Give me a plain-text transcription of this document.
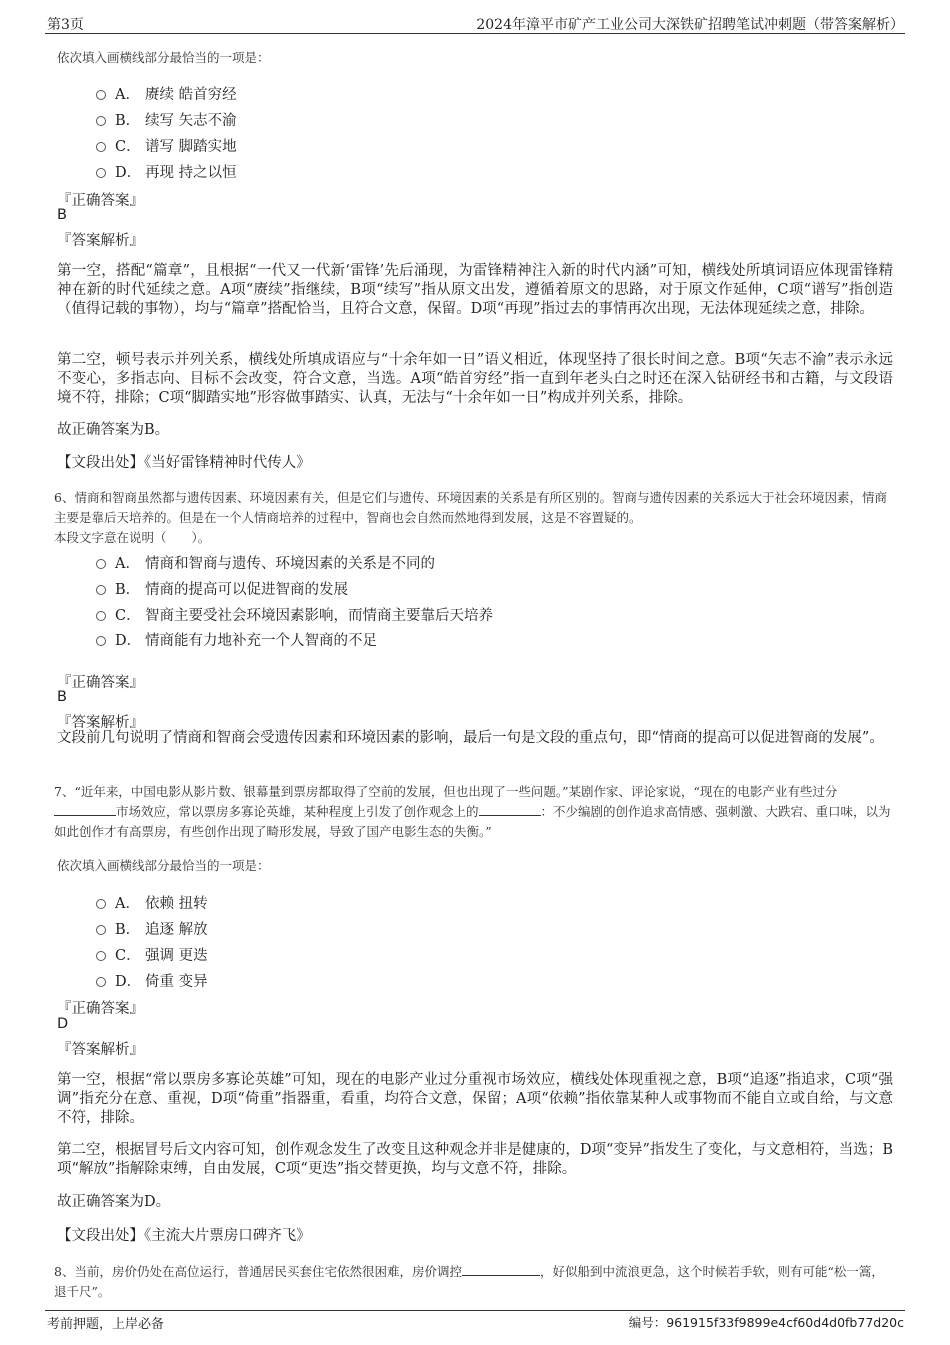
第3页	2024年漳平市矿产工业公司大深铁矿招聘笔试冲刺题（带答案解析）
依次填入画横线部分最恰当的一项是：
A． 赓续 皓首穷经
B． 续写 矢志不渝
C． 谱写 脚踏实地
D． 再现 持之以恒
『正确答案』
B
『答案解析』
第一空，搭配“篇章”，且根据“一代又一代新‘雷锋’先后涌现，为雷锋精神注入新的时代内涵”可知，横线处所填词语应体现雷锋精神在新的时代延续之意。A项“赓续”指继续，B项“续写”指从原文出发，遵循着原文的思路，对于原文作延伸，C项“谱写”指创造（值得记载的事物），均与“篇章”搭配恰当，且符合文意，保留。D项“再现”指过去的事情再次出现，无法体现延续之意，排除。
第二空，顿号表示并列关系，横线处所填成语应与“十余年如一日”语义相近，体现坚持了很长时间之意。B项“矢志不渝”表示永远不变心，多指志向、目标不会改变，符合文意，当选。A项“皓首穷经”指一直到年老头白之时还在深入钻研经书和古籍，与文段语境不符，排除；C项“脚踏实地”形容做事踏实、认真，无法与“十余年如一日”构成并列关系，排除。
故正确答案为B。
【文段出处】《当好雷锋精神时代传人》
6、情商和智商虽然都与遗传因素、环境因素有关，但是它们与遗传、环境因素的关系是有所区别的。智商与遗传因素的关系远大于社会环境因素，情商主要是靠后天培养的。但是在一个人情商培养的过程中，智商也会自然而然地得到发展，这是不容置疑的。
本段文字意在说明（　　）。
A． 情商和智商与遗传、环境因素的关系是不同的
B． 情商的提高可以促进智商的发展
C． 智商主要受社会环境因素影响，而情商主要靠后天培养
D． 情商能有力地补充一个人智商的不足
『正确答案』
B
『答案解析』
文段前几句说明了情商和智商会受遗传因素和环境因素的影响，最后一句是文段的重点句，即“情商的提高可以促进智商的发展”。
7、“近年来，中国电影从影片数、银幕量到票房都取得了空前的发展，但也出现了一些问题。”某剧作家、评论家说，“现在的电影产业有些过分市场效应，常以票房多寡论英雄，某种程度上引发了创作观念上的	：不少编剧的创作追求高情感、强刺激、大跌宕、重口味，以为如此创作才有高票房，有些创作出现了畸形发展，导致了国产电影生态的失衡。”
依次填入画横线部分最恰当的一项是：
A． 依赖 扭转
B． 追逐 解放
C． 强调 更迭
D． 倚重 变异
『正确答案』
D
『答案解析』
第一空，根据“常以票房多寡论英雄”可知，现在的电影产业过分重视市场效应，横线处体现重视之意，B项“追逐”指追求，C项“强调”指充分在意、重视，D项“倚重”指器重，看重，均符合文意，保留；A项“依赖”指依靠某种人或事物而不能自立或自给，与文意不符，排除。
第二空，根据冒号后文内容可知，创作观念发生了改变且这种观念并非是健康的，D项“变异”指发生了变化，与文意相符，当选；B项“解放”指解除束缚，自由发展，C项“更迭”指交替更换，均与文意不符，排除。
故正确答案为D。
【文段出处】《主流大片票房口碑齐飞》
8、当前，房价仍处在高位运行，普通居民买套住宅依然很困难，房价调控	，好似船到中流浪更急，这个时候若手软，则有可能“松一篙，退千尺”。
考前押题，上岸必备	编号：961915f33f9899e4cf60d4d0fb77d20c
